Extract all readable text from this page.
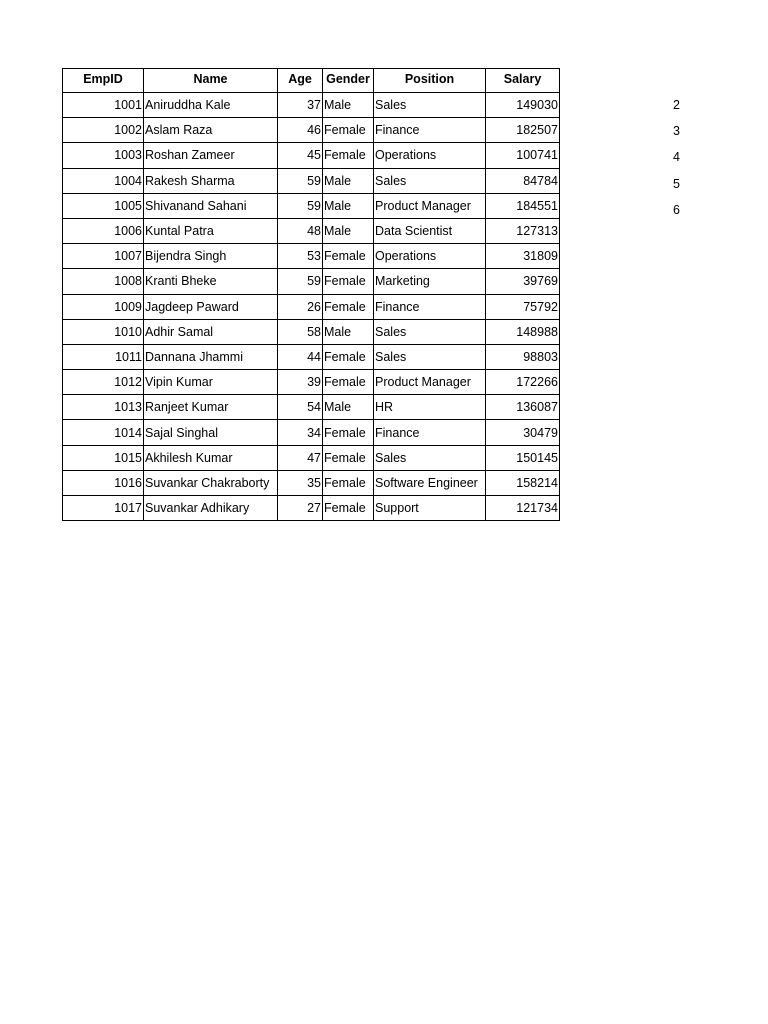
EmpID	Name	Age	Gender	Position	Salary
1001	Aniruddha Kale	37	Male	Sales	149030
1002	Aslam Raza	46	Female	Finance	182507
1003	Roshan Zameer	45	Female	Operations	100741
1004	Rakesh Sharma	59	Male	Sales	84784
1005	Shivanand Sahani	59	Male	Product Manager	184551
1006	Kuntal Patra	48	Male	Data Scientist	127313
1007	Bijendra Singh	53	Female	Operations	31809
1008	Kranti Bheke	59	Female	Marketing	39769
1009	Jagdeep Paward	26	Female	Finance	75792
1010	Adhir Samal	58	Male	Sales	148988
1011	Dannana Jhammi	44	Female	Sales	98803
1012	Vipin Kumar	39	Female	Product Manager	172266
1013	Ranjeet Kumar	54	Male	HR	136087
1014	Sajal Singhal	34	Female	Finance	30479
1015	Akhilesh Kumar	47	Female	Sales	150145
1016	Suvankar Chakraborty	35	Female	Software Engineer	158214
1017	Suvankar Adhikary	27	Female	Support	121734
2
3
4
5
6
